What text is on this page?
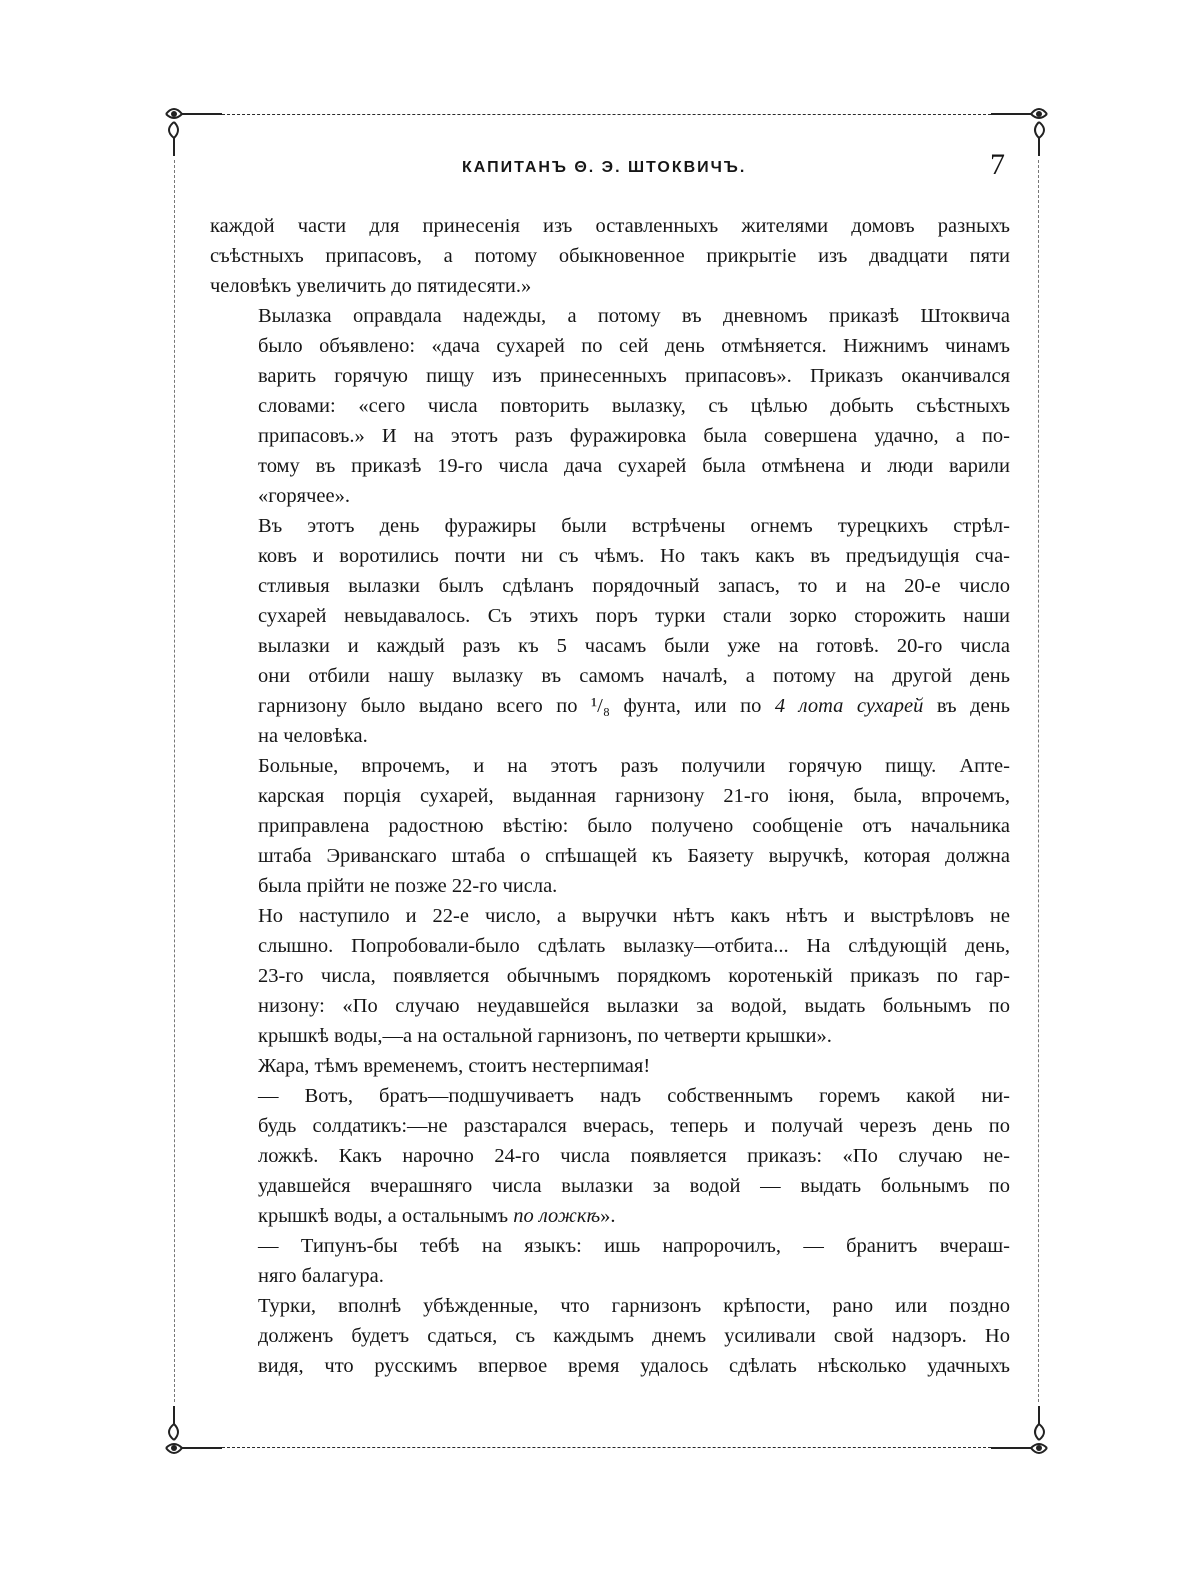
КАПИТАНЪ Θ. Э. ШТОКВИЧЪ.	7

каждой части для принесенія изъ оставленныхъ жителями домовъ разныхъ
съѣстныхъ припасовъ, а потому обыкновенное прикрытіе изъ двадцати пяти
человѣкъ увеличить до пятидесяти.»

Вылазка оправдала надежды, а потому въ дневномъ приказѣ Штоквича
было объявлено: «дача сухарей по сей день отмѣняется. Нижнимъ чинамъ
варить горячую пищу изъ принесенныхъ припасовъ». Приказъ оканчивался
словами: «сего числа повторить вылазку, съ цѣлью добыть съѣстныхъ
припасовъ.» И на этотъ разъ фуражировка была совершена удачно, а по-
тому въ приказѣ 19-го числа дача сухарей была отмѣнена и люди варили
«горячее».

Въ этотъ день фуражиры были встрѣчены огнемъ турецкихъ стрѣл-
ковъ и воротились почти ни съ чѣмъ. Но такъ какъ въ предъидущія сча-
стливыя вылазки былъ сдѣланъ порядочный запасъ, то и на 20-е число
сухарей невыдавалось. Съ этихъ поръ турки стали зорко сторожить наши
вылазки и каждый разъ къ 5 часамъ были уже на готовѣ. 20-го числа
они отбили нашу вылазку въ самомъ началѣ, а потому на другой день
гарнизону было выдано всего по ¹/₈ фунта, или по 4 лота сухарей въ день
на человѣка.

Больные, впрочемъ, и на этотъ разъ получили горячую пищу. Апте-
карская порція сухарей, выданная гарнизону 21-го іюня, была, впрочемъ,
приправлена радостною вѣстію: было получено сообщеніе отъ начальника
штаба Эриванскаго штаба о спѣшащей къ Баязету выручкѣ, которая должна
была прійти не позже 22-го числа.

Но наступило и 22-е число, а выручки нѣтъ какъ нѣтъ и выстрѣловъ не
слышно. Попробовали-было сдѣлать вылазку—отбита... На слѣдующій день,
23-го числа, появляется обычнымъ порядкомъ коротенькій приказъ по гар-
низону: «По случаю неудавшейся вылазки за водой, выдать больнымъ по
крышкѣ воды,—а на остальной гарнизонъ, по четверти крышки».

Жара, тѣмъ временемъ, стоитъ нестерпимая!

— Вотъ, братъ—подшучиваетъ надъ собственнымъ горемъ какой ни-
будь солдатикъ:—не разстарался вчерась, теперь и получай черезъ день по
ложкѣ. Какъ нарочно 24-го числа появляется приказъ: «По случаю не-
удавшейся вчерашняго числа вылазки за водой — выдать больнымъ по
крышкѣ воды, а остальнымъ по ложкѣ».

— Типунъ-бы тебѣ на языкъ: ишь напророчилъ, — бранитъ вчераш-
няго балагура.

Турки, вполнѣ убѣжденные, что гарнизонъ крѣпости, рано или поздно
долженъ будетъ сдаться, съ каждымъ днемъ усиливали свой надзоръ. Но
видя, что русскимъ впервое время удалось сдѣлать нѣсколько удачныхъ
